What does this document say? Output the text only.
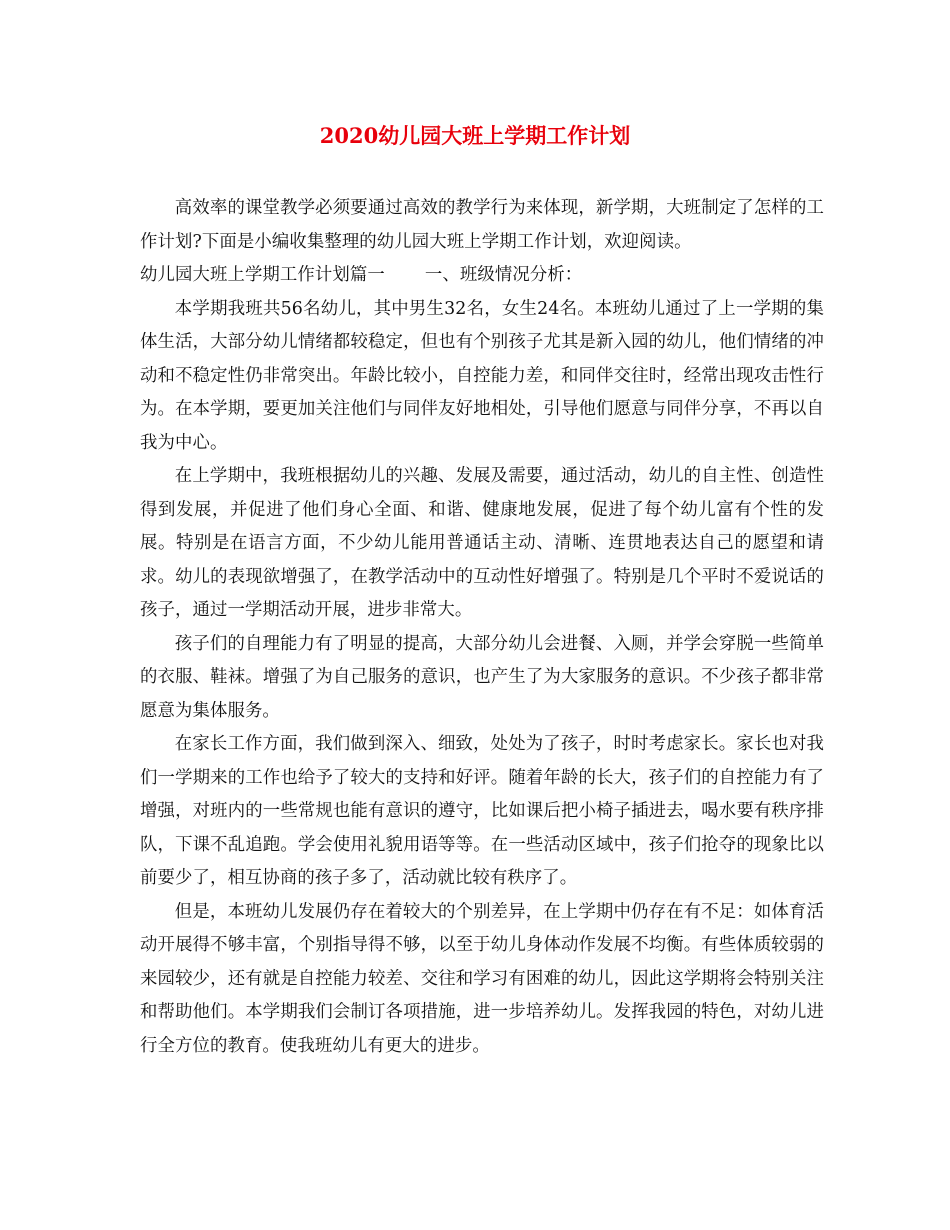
2020幼儿园大班上学期工作计划

高效率的课堂教学必须要通过高效的教学行为来体现，新学期，大班制定了怎样的工作计划?下面是小编收集整理的幼儿园大班上学期工作计划，欢迎阅读。

幼儿园大班上学期工作计划篇一 一、班级情况分析：

本学期我班共56名幼儿，其中男生32名，女生24名。本班幼儿通过了上一学期的集体生活，大部分幼儿情绪都较稳定，但也有个别孩子尤其是新入园的幼儿，他们情绪的冲动和不稳定性仍非常突出。年龄比较小，自控能力差，和同伴交往时，经常出现攻击性行为。在本学期，要更加关注他们与同伴友好地相处，引导他们愿意与同伴分享，不再以自我为中心。

在上学期中，我班根据幼儿的兴趣、发展及需要，通过活动，幼儿的自主性、创造性得到发展，并促进了他们身心全面、和谐、健康地发展，促进了每个幼儿富有个性的发展。特别是在语言方面，不少幼儿能用普通话主动、清晰、连贯地表达自己的愿望和请求。幼儿的表现欲增强了，在教学活动中的互动性好增强了。特别是几个平时不爱说话的孩子，通过一学期活动开展，进步非常大。

孩子们的自理能力有了明显的提高，大部分幼儿会进餐、入厕，并学会穿脱一些简单的衣服、鞋袜。增强了为自己服务的意识，也产生了为大家服务的意识。不少孩子都非常愿意为集体服务。

在家长工作方面，我们做到深入、细致，处处为了孩子，时时考虑家长。家长也对我们一学期来的工作也给予了较大的支持和好评。随着年龄的长大，孩子们的自控能力有了增强，对班内的一些常规也能有意识的遵守，比如课后把小椅子插进去，喝水要有秩序排队，下课不乱追跑。学会使用礼貌用语等等。在一些活动区域中，孩子们抢夺的现象比以前要少了，相互协商的孩子多了，活动就比较有秩序了。

但是，本班幼儿发展仍存在着较大的个别差异，在上学期中仍存在有不足：如体育活动开展得不够丰富，个别指导得不够，以至于幼儿身体动作发展不均衡。有些体质较弱的来园较少，还有就是自控能力较差、交往和学习有困难的幼儿，因此这学期将会特别关注和帮助他们。本学期我们会制订各项措施，进一步培养幼儿。发挥我园的特色，对幼儿进行全方位的教育。使我班幼儿有更大的进步。
